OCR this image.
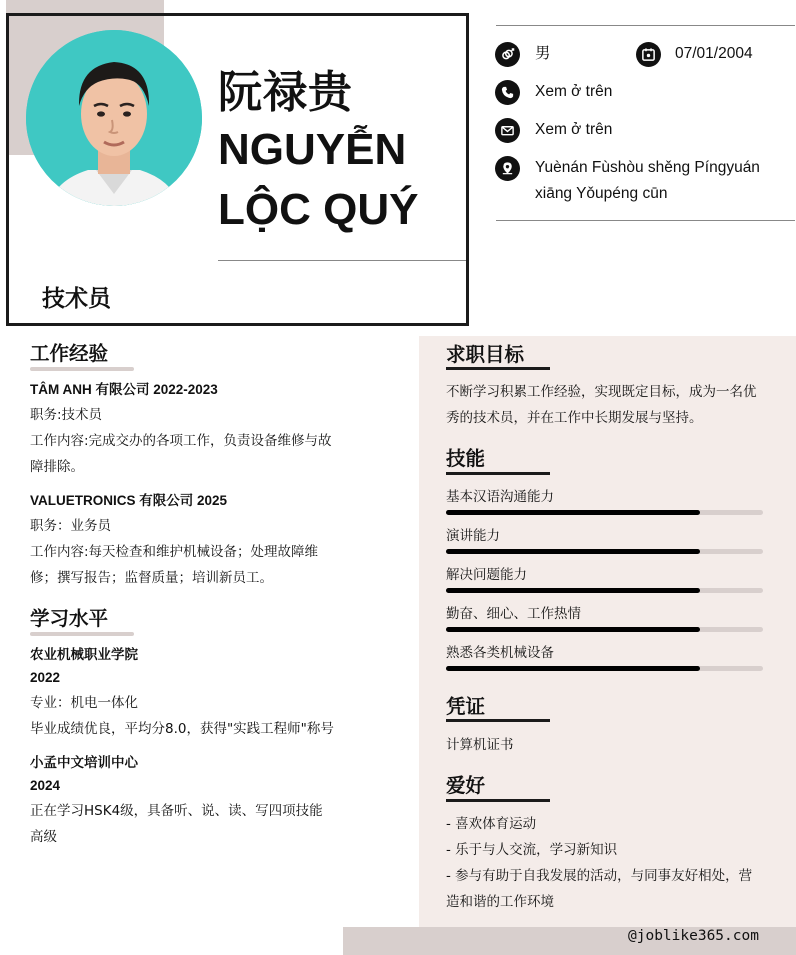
阮禄贵
NGUYỄN
LỘC QUÝ
技术员
男	07/01/2004
Xem ở trên
Xem ở trên
Yuènán Fùshòu shěng Píngyuán
xiāng Yǒupéng cūn
工作经验
TÂM ANH 有限公司 2022-2023
职务:技术员
工作内容:完成交办的各项工作，负责设备维修与故
障排除。
VALUETRONICS 有限公司 2025
职务：业务员
工作内容:每天检查和维护机械设备；处理故障维
修；撰写报告；监督质量；培训新员工。
学习水平
农业机械职业学院
2022
专业：机电一体化
毕业成绩优良，平均分8.0，获得"实践工程师"称号
小孟中文培训中心
2024
正在学习HSK4级，具备听、说、读、写四项技能
高级
求职目标
不断学习积累工作经验，实现既定目标，成为一名优
秀的技术员，并在工作中长期发展与坚持。
技能
基本汉语沟通能力
演讲能力
解决问题能力
勤奋、细心、工作热情
熟悉各类机械设备
凭证
计算机证书
爱好
- 喜欢体育运动
- 乐于与人交流，学习新知识
- 参与有助于自我发展的活动，与同事友好相处，营
造和谐的工作环境
@joblike365.com
